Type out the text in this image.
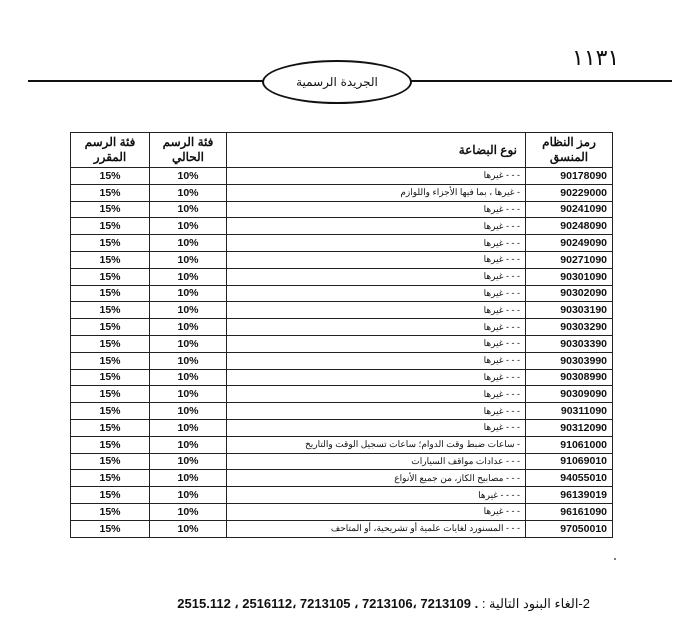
١١٣١
الجريدة الرسمية
رمز النظام المنسق	نوع البضاعة	فئة الرسم الحالي	فئة الرسم المقرر
90178090	- - - غيرها	10%	15%
90229000	- غيرها ، بما فيها الأجزاء واللوازم	10%	15%
90241090	- - - غيرها	10%	15%
90248090	- - - غيرها	10%	15%
90249090	- - - غيرها	10%	15%
90271090	- - - غيرها	10%	15%
90301090	- - - غيرها	10%	15%
90302090	- - - غيرها	10%	15%
90303190	- - - غيرها	10%	15%
90303290	- - - غيرها	10%	15%
90303390	- - - غيرها	10%	15%
90303990	- - - غيرها	10%	15%
90308990	- - - غيرها	10%	15%
90309090	- - - غيرها	10%	15%
90311090	- - - غيرها	10%	15%
90312090	- - - غيرها	10%	15%
91061000	- ساعات ضبط وقت الدوام؛ ساعات تسجيل الوقت والتاريخ	10%	15%
91069010	- - - عدادات مواقف السيارات	10%	15%
94055010	- - - مصابيح الكاز، من جميع الأنواع	10%	15%
96139019	- - - - غيرها	10%	15%
96161090	- - - غيرها	10%	15%
97050010	- - - المسنورد لغايات علمية أو تشريحية، أو المتاحف	10%	15%
2-الغاء البنود التالية : 2515.112 ، 2516112، 7213105 ، 7213106، 7213109 .
